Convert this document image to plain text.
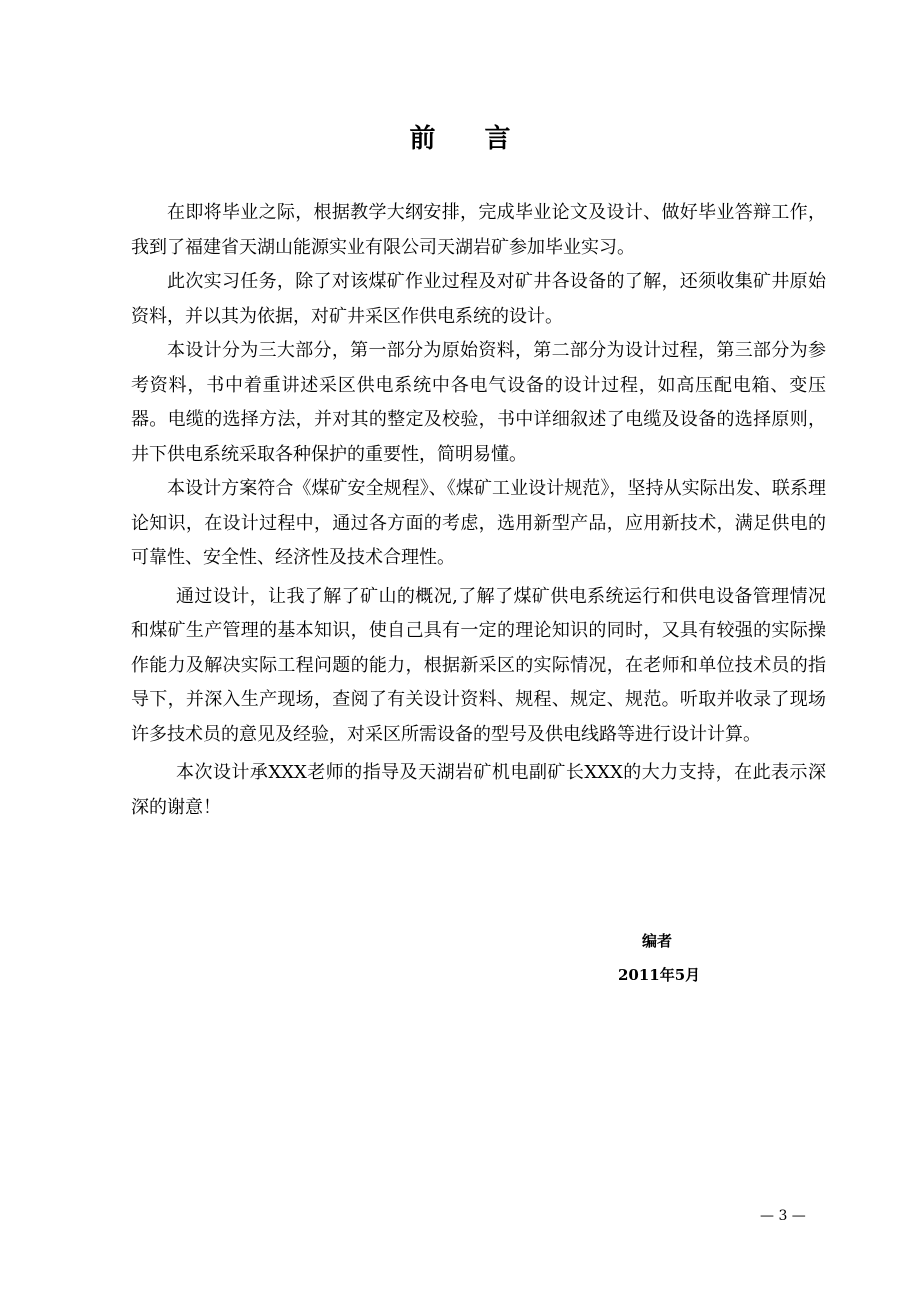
前 言

在即将毕业之际，根据教学大纲安排，完成毕业论文及设计、做好毕业答辩工作，我到了福建省天湖山能源实业有限公司天湖岩矿参加毕业实习。

此次实习任务，除了对该煤矿作业过程及对矿井各设备的了解，还须收集矿井原始资料，并以其为依据，对矿井采区作供电系统的设计。

本设计分为三大部分，第一部分为原始资料，第二部分为设计过程，第三部分为参考资料，书中着重讲述采区供电系统中各电气设备的设计过程，如高压配电箱、变压器。电缆的选择方法，并对其的整定及校验，书中详细叙述了电缆及设备的选择原则，井下供电系统采取各种保护的重要性，简明易懂。

本设计方案符合《煤矿安全规程》、《煤矿工业设计规范》，坚持从实际出发、联系理论知识，在设计过程中，通过各方面的考虑，选用新型产品，应用新技术，满足供电的可靠性、安全性、经济性及技术合理性。

通过设计，让我了解了矿山的概况,了解了煤矿供电系统运行和供电设备管理情况和煤矿生产管理的基本知识，使自己具有一定的理论知识的同时，又具有较强的实际操作能力及解决实际工程问题的能力，根据新采区的实际情况，在老师和单位技术员的指导下，并深入生产现场，查阅了有关设计资料、规程、规定、规范。听取并收录了现场许多技术员的意见及经验，对采区所需设备的型号及供电线路等进行设计计算。

本次设计承XXX老师的指导及天湖岩矿机电副矿长XXX的大力支持，在此表示深深的谢意！

编者
2011年5月
— 3 —
